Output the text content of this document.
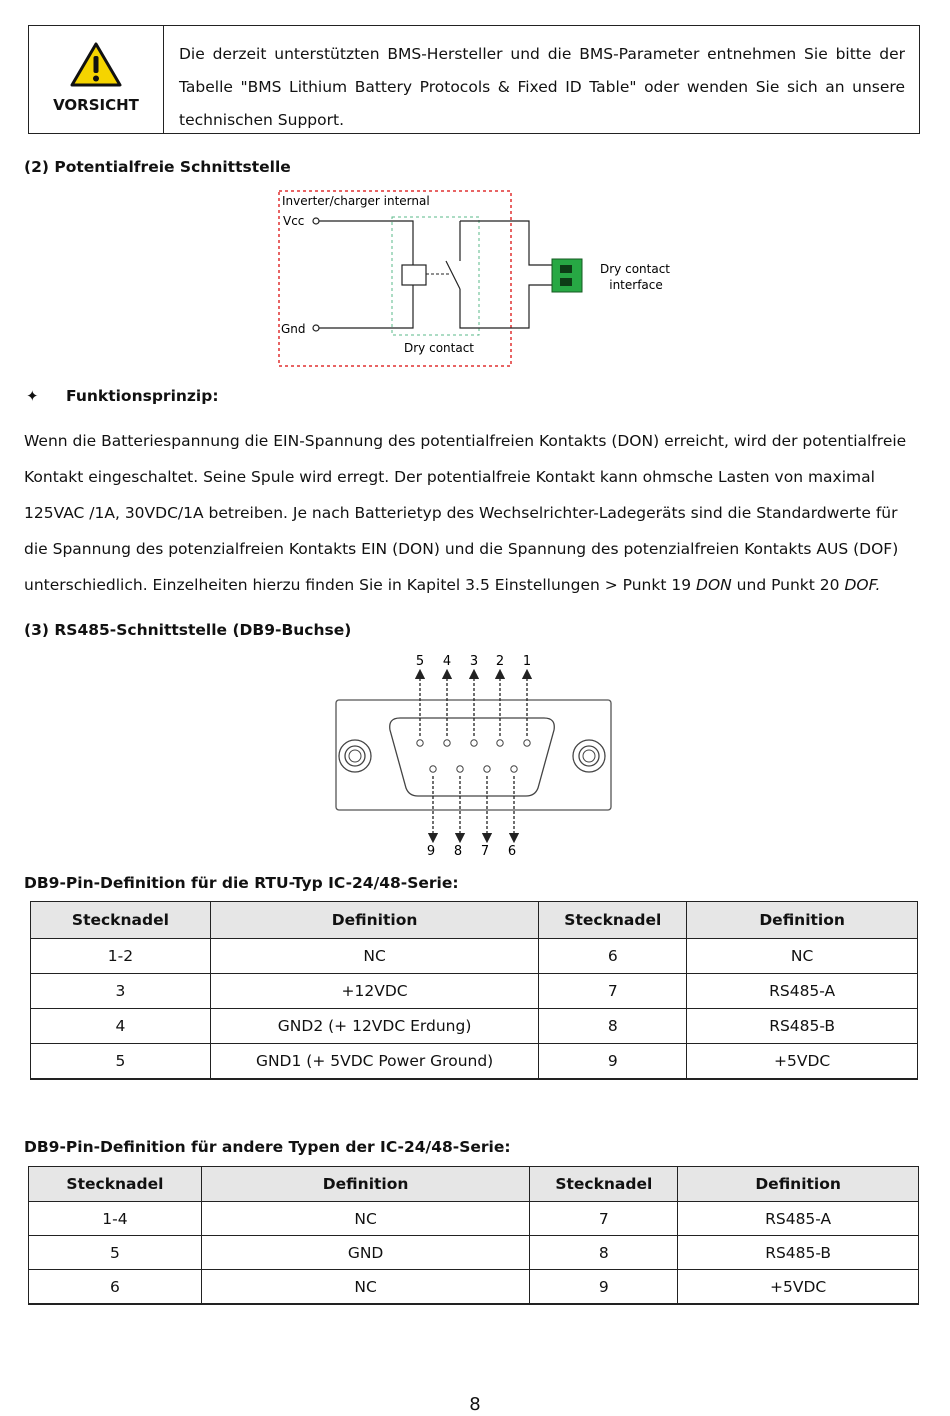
VORSICHT
Die derzeit unterstützten BMS-Hersteller und die BMS-Parameter entnehmen Sie bitte der Tabelle "BMS Lithium Battery Protocols & Fixed ID Table" oder wenden Sie sich an unsere technischen Support.
(2) Potentialfreie Schnittstelle
Inverter/charger internal
Vcc
Gnd
Dry contact
interface
Dry contact
✦ Funktionsprinzip:
Wenn die Batteriespannung die EIN-Spannung des potentialfreien Kontakts (DON) erreicht, wird der potentialfreie
Kontakt eingeschaltet. Seine Spule wird erregt. Der potentialfreie Kontakt kann ohmsche Lasten von maximal
125VAC /1A, 30VDC/1A betreiben. Je nach Batterietyp des Wechselrichter-Ladegeräts sind die Standardwerte für
die Spannung des potenzialfreien Kontakts EIN (DON) und die Spannung des potenzialfreien Kontakts AUS (DOF)
unterschiedlich. Einzelheiten hierzu finden Sie in Kapitel 3.5 Einstellungen > Punkt 19 DON und Punkt 20 DOF.
(3) RS485-Schnittstelle (DB9-Buchse)
5 4 3 2 1
9 8 7 6
DB9-Pin-Definition für die RTU-Typ IC-24/48-Serie:
Stecknadel	Definition	Stecknadel	Definition
1-2	NC	6	NC
3	+12VDC	7	RS485-A
4	GND2 (+ 12VDC Erdung)	8	RS485-B
5	GND1 (+ 5VDC Power Ground)	9	+5VDC
DB9-Pin-Definition für andere Typen der IC-24/48-Serie:
Stecknadel	Definition	Stecknadel	Definition
1-4	NC	7	RS485-A
5	GND	8	RS485-B
6	NC	9	+5VDC
8
